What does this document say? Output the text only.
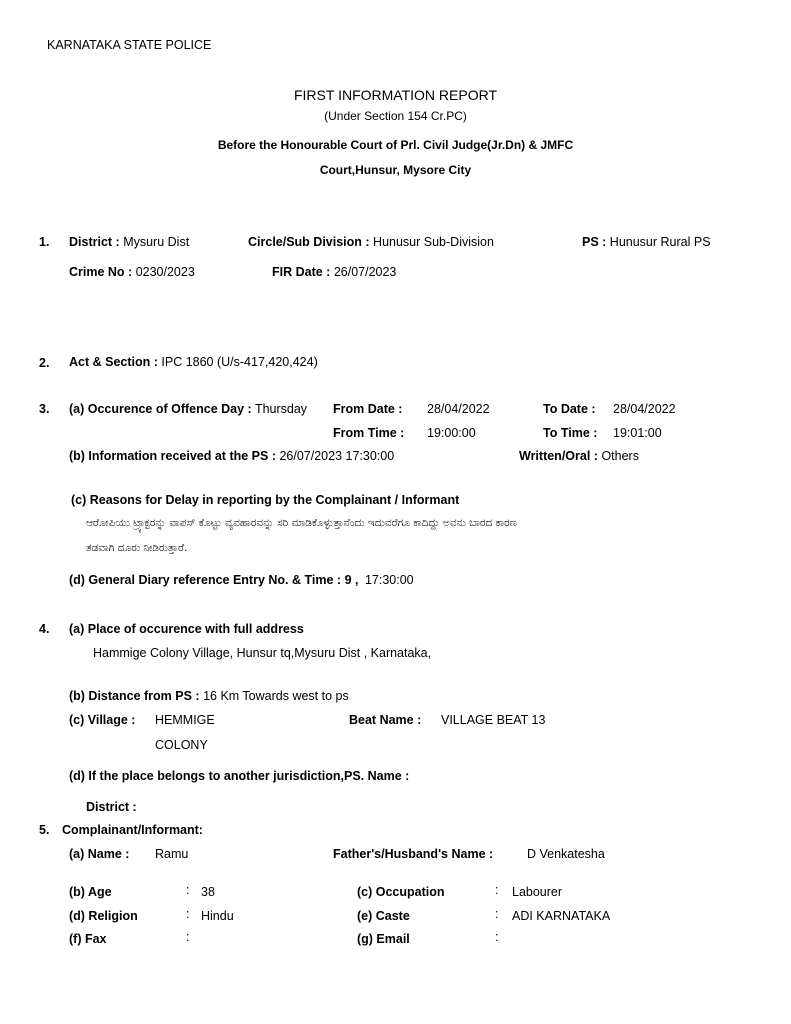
KARNATAKA STATE POLICE
FIRST INFORMATION REPORT
(Under Section 154 Cr.PC)
Before the Honourable Court of Prl. Civil Judge(Jr.Dn) & JMFC
Court,Hunsur, Mysore City
1. District : Mysuru Dist	Circle/Sub Division : Hunusur Sub-Division	PS : Hunusur Rural PS
Crime No : 0230/2023	FIR Date : 26/07/2023
2. Act & Section : IPC 1860 (U/s-417,420,424)
3. (a) Occurence of Offence Day : Thursday From Date : 28/04/2022	To Date : 28/04/2022
From Time : 19:00:00	To Time : 19:01:00
(b) Information received at the PS : 26/07/2023 17:30:00	Written/Oral : Others
(c) Reasons for Delay in reporting by the Complainant / Informant
ಆರೋಪಿಯು ಟ್ರ್ಯಾಕ್ಟರನ್ನು ವಾಪಸ್ ಕೊಟ್ಟು ವ್ಯವಹಾರವನ್ನು ಸರಿ ಮಾಡಿಕೊಳ್ಳುತ್ತಾನೆಂದು ಇದುವರೆಗೂ ಕಾದಿದ್ದು ಅವನು ಬಾರದ ಕಾರಣ
ತಡವಾಗಿ ದೂರು ನೀಡಿರುತ್ತಾರೆ.
(d) General Diary reference Entry No. & Time : 9 , 17:30:00
4. (a) Place of occurence with full address
Hammige Colony Village, Hunsur tq,Mysuru Dist , Karnataka,
(b) Distance from PS : 16 Km Towards west to ps
(c) Village : HEMMIGE
COLONY
Beat Name : VILLAGE BEAT 13
(d) If the place belongs to another jurisdiction,PS. Name :
District :
5. Complainant/Informant:
(a) Name : Ramu	Father's/Husband's Name :	D Venkatesha
(b) Age	: 38	(c) Occupation	: Labourer
(d) Religion	: Hindu	(e) Caste	: ADI KARNATAKA
(f) Fax	:	(g) Email	:
